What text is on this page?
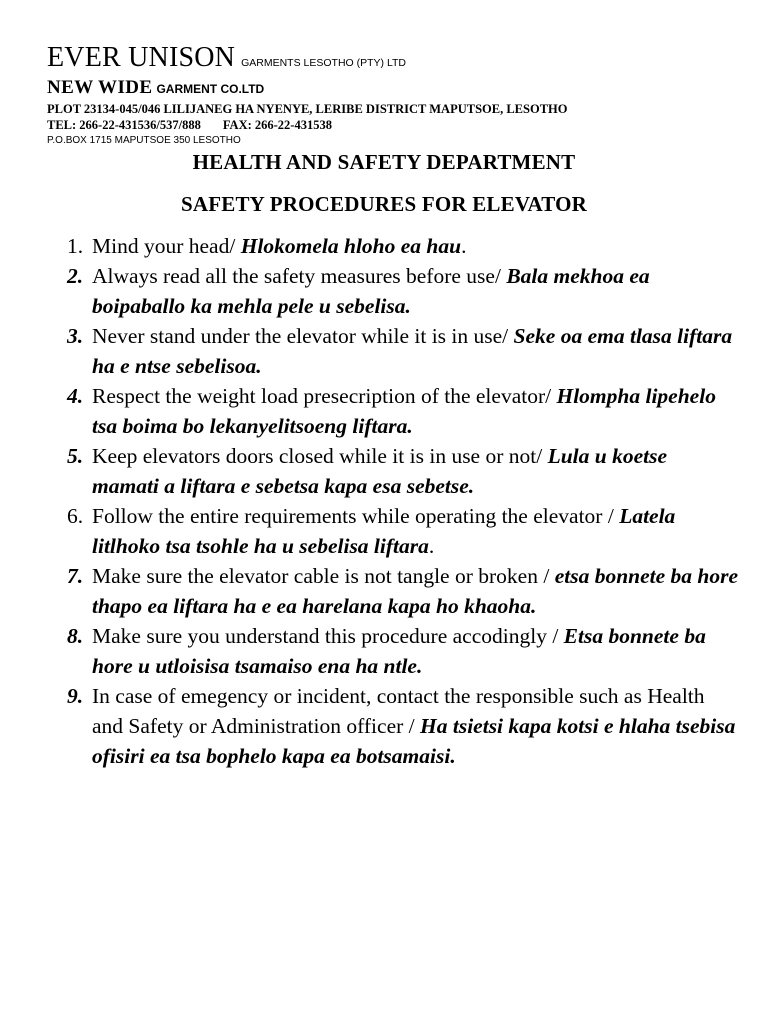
EVER UNISON GARMENTS LESOTHO (PTY) LTD
NEW WIDE GARMENT CO.LTD
PLOT 23134-045/046 LILIJANEG HA NYENYE, LERIBE DISTRICT MAPUTSOE, LESOTHO
TEL: 266-22-431536/537/888 FAX: 266-22-431538
P.O.BOX 1715 MAPUTSOE 350 LESOTHO
HEALTH AND SAFETY DEPARTMENT
SAFETY PROCEDURES FOR ELEVATOR
1. Mind your head/ Hlokomela hloho ea hau.
2. Always read all the safety measures before use/ Bala mekhoa ea boipaballo ka mehla pele u sebelisa.
3. Never stand under the elevator while it is in use/ Seke oa ema tlasa liftara ha e ntse sebelisoa.
4. Respect the weight load presecription of the elevator/ Hlompha lipehelo tsa boima bo lekanyelitsoeng liftara.
5. Keep elevators doors closed while it is in use or not/ Lula u koetse mamati a liftara e sebetsa kapa esa sebetse.
6. Follow the entire requirements while operating the elevator / Latela litlhoko tsa tsohle ha u sebelisa liftara.
7. Make sure the elevator cable is not tangle or broken / etsa bonnete ba hore thapo ea liftara ha e ea harelana kapa ho khaoha.
8. Make sure you understand this procedure accodingly / Etsa bonnete ba hore u utloisisa tsamaiso ena ha ntle.
9. In case of emegency or incident, contact the responsible such as Health and Safety or Administration officer / Ha tsietsi kapa kotsi e hlaha tsebisa ofisiri ea tsa bophelo kapa ea botsamaisi.
